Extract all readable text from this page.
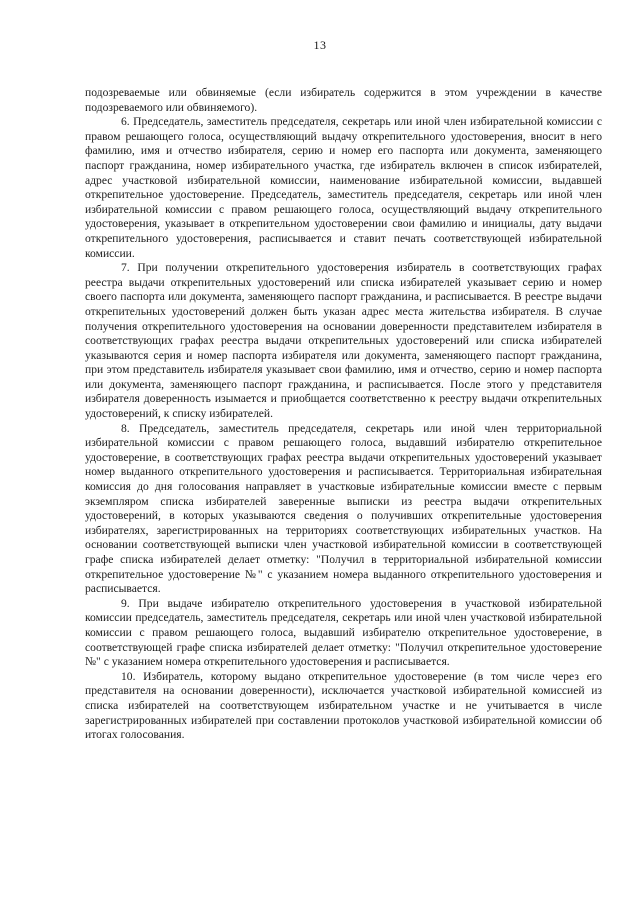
13

подозреваемые или обвиняемые (если избиратель содержится в этом учреждении в качестве подозреваемого или обвиняемого).

6. Председатель, заместитель председателя, секретарь или иной член избирательной комиссии с правом решающего голоса, осуществляющий выдачу открепительного удостоверения, вносит в него фамилию, имя и отчество избирателя, серию и номер его паспорта или документа, заменяющего паспорт гражданина, номер избирательного участка, где избиратель включен в список избирателей, адрес участковой избирательной комиссии, наименование избирательной комиссии, выдавшей открепительное удостоверение. Председатель, заместитель председателя, секретарь или иной член избирательной комиссии с правом решающего голоса, осуществляющий выдачу открепительного удостоверения, указывает в открепительном удостоверении свои фамилию и инициалы, дату выдачи открепительного удостоверения, расписывается и ставит печать соответствующей избирательной комиссии.

7. При получении открепительного удостоверения избиратель в соответствующих графах реестра выдачи открепительных удостоверений или списка избирателей указывает серию и номер своего паспорта или документа, заменяющего паспорт гражданина, и расписывается. В реестре выдачи открепительных удостоверений должен быть указан адрес места жительства избирателя. В случае получения открепительного удостоверения на основании доверенности представителем избирателя в соответствующих графах реестра выдачи открепительных удостоверений или списка избирателей указываются серия и номер паспорта избирателя или документа, заменяющего паспорт гражданина, при этом представитель избирателя указывает свои фамилию, имя и отчество, серию и номер паспорта или документа, заменяющего паспорт гражданина, и расписывается. После этого у представителя избирателя доверенность изымается и приобщается соответственно к реестру выдачи открепительных удостоверений, к списку избирателей.

8. Председатель, заместитель председателя, секретарь или иной член территориальной избирательной комиссии с правом решающего голоса, выдавший избирателю открепительное удостоверение, в соответствующих графах реестра выдачи открепительных удостоверений указывает номер выданного открепительного удостоверения и расписывается. Территориальная избирательная комиссия до дня голосования направляет в участковые избирательные комиссии вместе с первым экземпляром списка избирателей заверенные выписки из реестра выдачи открепительных удостоверений, в которых указываются сведения о получивших открепительные удостоверения избирателях, зарегистрированных на территориях соответствующих избирательных участков. На основании соответствующей выписки член участковой избирательной комиссии в соответствующей графе списка избирателей делает отметку: "Получил в территориальной избирательной комиссии открепительное удостоверение №" с указанием номера выданного открепительного удостоверения и расписывается.

9. При выдаче избирателю открепительного удостоверения в участковой избирательной комиссии председатель, заместитель председателя, секретарь или иной член участковой избирательной комиссии с правом решающего голоса, выдавший избирателю открепительное удостоверение, в соответствующей графе списка избирателей делает отметку: "Получил открепительное удостоверение №" с указанием номера открепительного удостоверения и расписывается.

10. Избиратель, которому выдано открепительное удостоверение (в том числе через его представителя на основании доверенности), исключается участковой избирательной комиссией из списка избирателей на соответствующем избирательном участке и не учитывается в числе зарегистрированных избирателей при составлении протоколов участковой избирательной комиссии об итогах голосования.
